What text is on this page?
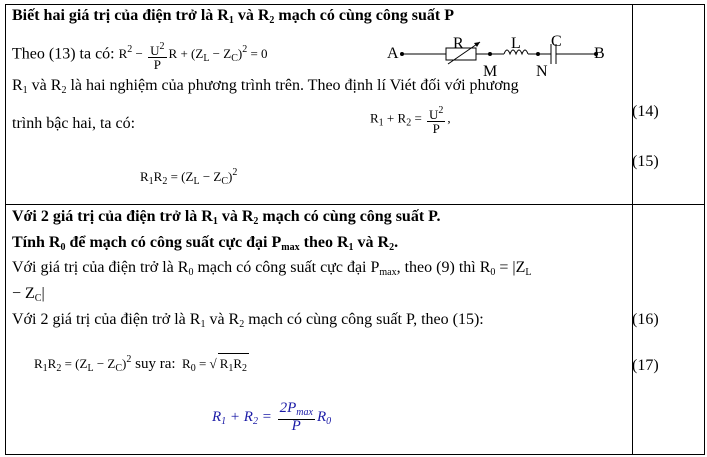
Biết hai giá trị của điện trở là $R_1$ và $R_2$ mạch có cùng công suất P
Theo (13) ta có: $R^2 - \frac{U^2}{P}$ $R + (Z_L - Z_C)^2 = 0$	A	B
R	L C
M N
$R_1$ và $R_2$ là hai nghiệm của phương trình trên. Theo định lí Viét đối với phương
trình bậc hai, ta có:	$R_1 + R_2 = \frac{U^2}{P}$ ,
$R_1R_2 = (Z_L - Z_C)^2$
(14)
(15)
Với 2 giá trị của điện trở là $R_1$ và $R_2$ mạch có cùng công suất P.
Tính $R_0$ để mạch có công suất cực đại $P_{max}$ theo $R_1$ và $R_2$.
Với giá trị của điện trở là $R_0$ mạch có công suất cực đại $P_{max}$, theo (9) thì $R_0 = |Z_L$
− $Z_C|$
Với 2 giá trị của điện trở là $R_1$ và $R_2$ mạch có cùng công suất P, theo (15):
$R_1R_2 = (Z_L - Z_C)^2$ suy ra: $R_0$ = √ $R_1R_2$
$R_1 + R_2 = \frac{2P_{max}}{P} R_0$
(16)
(17)
